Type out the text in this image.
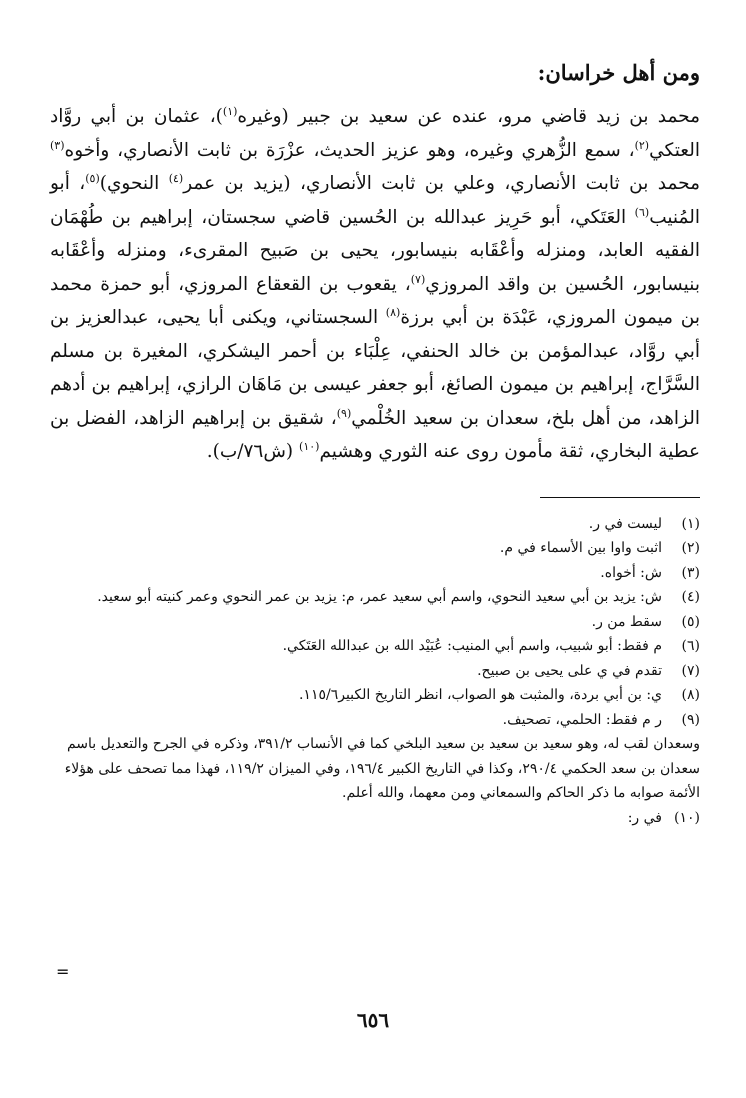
ومن أهل خراسان:

محمد بن زيد قاضي مرو، عنده عن سعيد بن جبير (وغيره$^{(١)}$)، عثمان بن أبي روَّاد العتكي$^{(٢)}$، سمع الزُّهري وغيره، وهو عزيز الحديث، عزْرَة بن ثابت الأنصاري، وأخوه$^{(٣)}$ محمد بن ثابت الأنصاري، وعلي بن ثابت الأنصاري، (يزيد بن عمر$^{(٤)}$ النحوي)$^{(٥)}$، أبو المُنيب$^{(٦)}$ العَتَكي، أبو حَرِيز عبدالله بن الحُسين قاضي سجستان، إبراهيم بن طُهْمَان الفقيه العابد، ومنزله وأعْقَابه بنيسابور، يحيى بن صَبيح المقرىء، ومنزله وأعْقَابه بنيسابور، الحُسين بن واقد المروزي$^{(٧)}$، يقعوب بن القعقاع المروزي، أبو حمزة محمد بن ميمون المروزي، عَبْدَة بن أبي برزة$^{(٨)}$ السجستاني، ويكنى أبا يحيى، عبدالعزيز بن أبي روَّاد، عبدالمؤمن بن خالد الحنفي، عِلْبَاء بن أحمر اليشكري، المغيرة بن مسلم السَّرَّاج، إبراهيم بن ميمون الصائغ، أبو جعفر عيسى بن مَاهَان الرازي، إبراهيم بن أدهم الزاهد، من أهل بلخ، سعدان بن سعيد الخُلْمي$^{(٩)}$، شقيق بن إبراهيم الزاهد، الفضل بن عطية البخاري، ثقة مأمون روى عنه الثوري وهشيم$^{(١٠)}$ (ش٧٦/ب).

(١)
ليست في ر.
(٢)
اثبت واوا بين الأسماء في م.
(٣)
ش: أخواه.
(٤)
ش: يزيد بن أبي سعيد النحوي، واسم أبي سعيد عمر، م: يزيد بن عمر النحوي وعمر كنيته أبو سعيد.
(٥)
سقط من ر.
(٦)
م فقط: أبو شبيب، واسم أبي المنيب: عُبَيْد الله بن عبدالله العَتَكي.
(٧)
تقدم في ي على يحيى بن صبيح.
(٨)
ي: بن أبي بردة، والمثبت هو الصواب، انظر التاريخ الكبير١١٥/٦.
(٩)
ر م فقط: الحلمي، تصحيف.

وسعدان لقب له، وهو سعيد بن سعيد بن سعيد البلخي كما في الأنساب ٣٩١/٢، وذكره في الجرح والتعديل باسم سعدان بن سعد الحكمي ٢٩٠/٤، وكذا في التاريخ الكبير ١٩٦/٤، وفي الميزان ١١٩/٢، فهذا مما تصحف على هؤلاء الأئمة صوابه ما ذكر الحاكم والسمعاني ومن معهما، والله أعلم.

(١٠)
في ر:
=
٦٥٦
